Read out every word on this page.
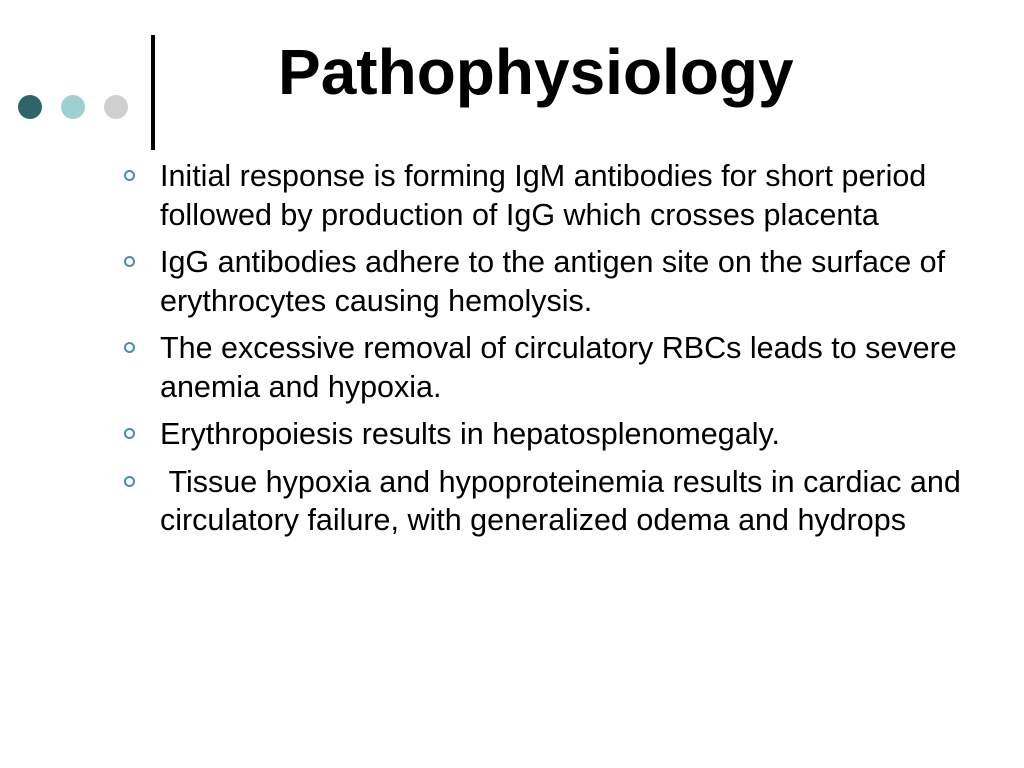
Pathophysiology
Initial response is forming IgM antibodies for short period followed by production of IgG which crosses placenta
IgG antibodies adhere to the antigen site on the surface of erythrocytes causing hemolysis.
The excessive removal of circulatory RBCs leads to severe anemia and hypoxia.
Erythropoiesis results in hepatosplenomegaly.
Tissue hypoxia and hypoproteinemia results in cardiac and circulatory failure, with generalized odema and hydrops
